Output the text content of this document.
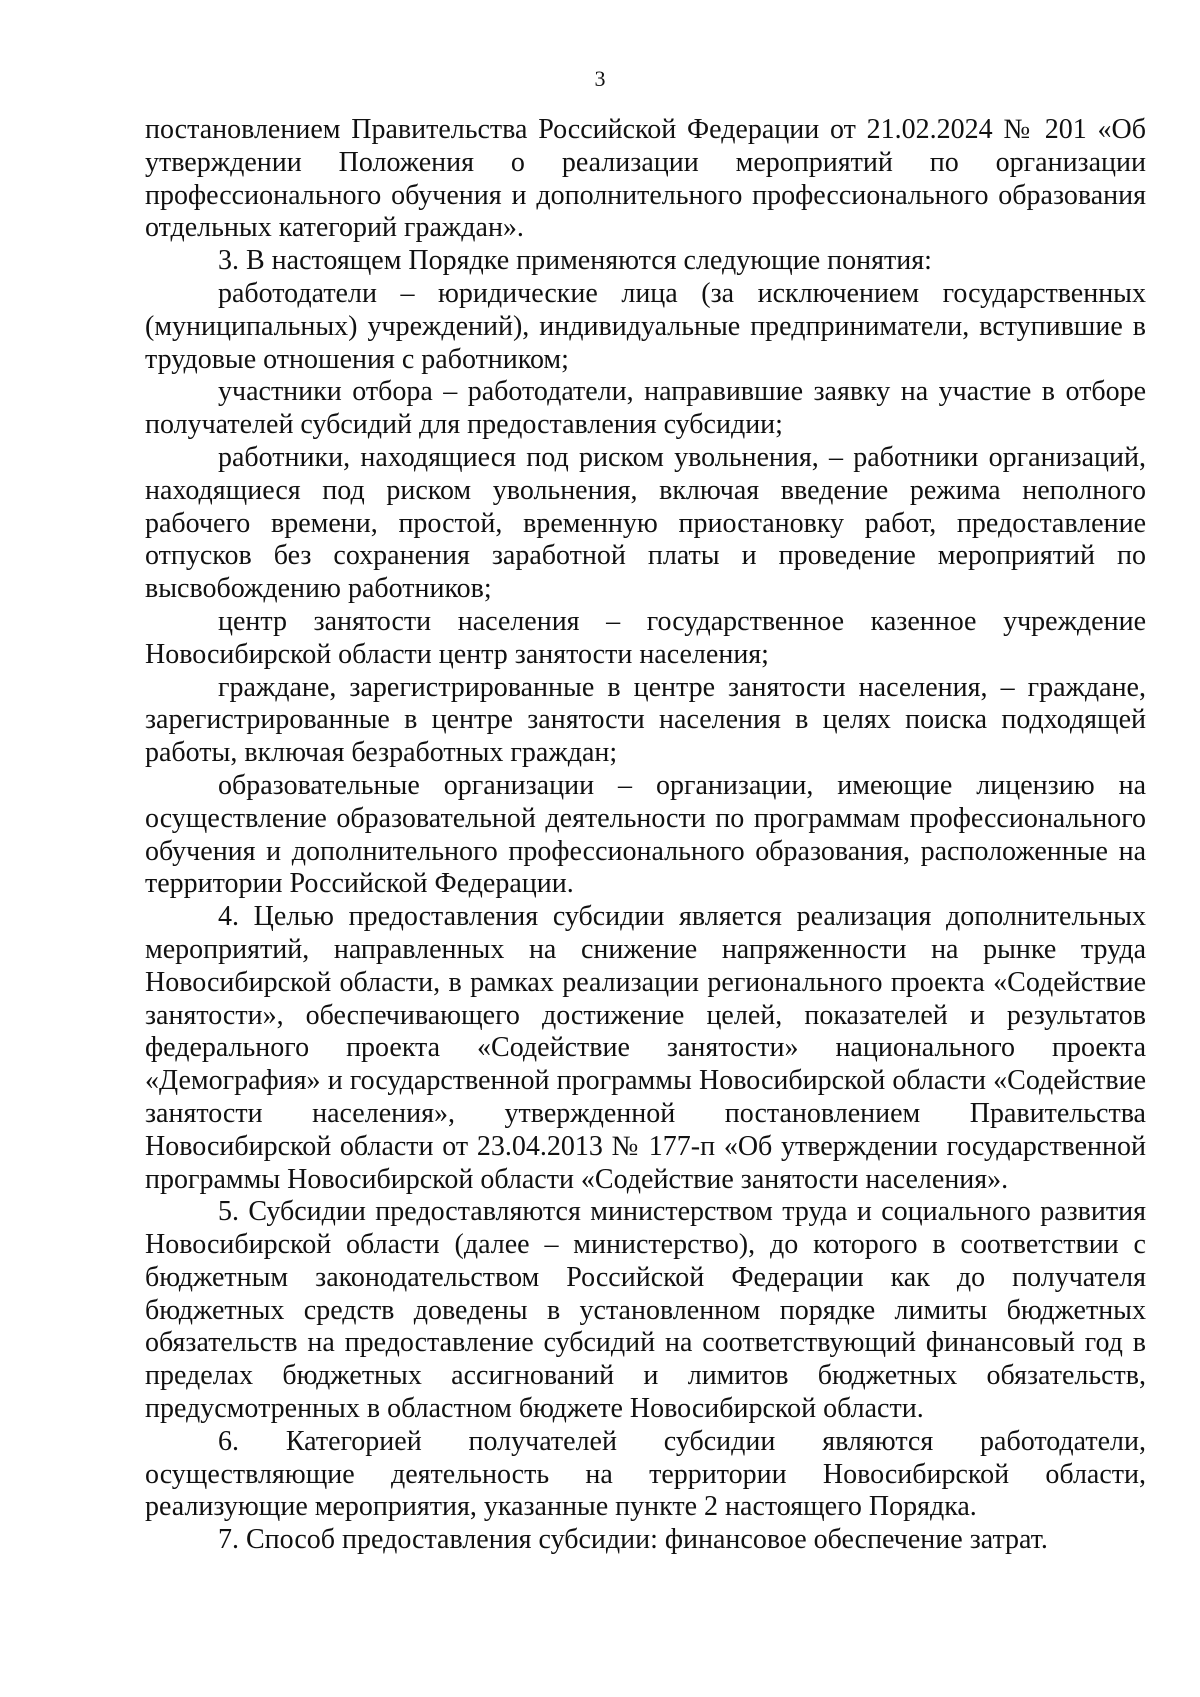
3

постановлением Правительства Российской Федерации от 21.02.2024 № 201 «Об утверждении Положения о реализации мероприятий по организации профессионального обучения и дополнительного профессионального образования отдельных категорий граждан».

3. В настоящем Порядке применяются следующие понятия:

работодатели – юридические лица (за исключением государственных (муниципальных) учреждений), индивидуальные предприниматели, вступившие в трудовые отношения с работником;

участники отбора – работодатели, направившие заявку на участие в отборе получателей субсидий для предоставления субсидии;

работники, находящиеся под риском увольнения, – работники организаций, находящиеся под риском увольнения, включая введение режима неполного рабочего времени, простой, временную приостановку работ, предоставление отпусков без сохранения заработной платы и проведение мероприятий по высвобождению работников;

центр занятости населения – государственное казенное учреждение Новосибирской области центр занятости населения;

граждане, зарегистрированные в центре занятости населения, – граждане, зарегистрированные в центре занятости населения в целях поиска подходящей работы, включая безработных граждан;

образовательные организации – организации, имеющие лицензию на осуществление образовательной деятельности по программам профессионального обучения и дополнительного профессионального образования, расположенные на территории Российской Федерации.

4. Целью предоставления субсидии является реализация дополнительных мероприятий, направленных на снижение напряженности на рынке труда Новосибирской области, в рамках реализации регионального проекта «Содействие занятости», обеспечивающего достижение целей, показателей и результатов федерального проекта «Содействие занятости» национального проекта «Демография» и государственной программы Новосибирской области «Содействие занятости населения», утвержденной постановлением Правительства Новосибирской области от 23.04.2013 № 177-п «Об утверждении государственной программы Новосибирской области «Содействие занятости населения».

5. Субсидии предоставляются министерством труда и социального развития Новосибирской области (далее – министерство), до которого в соответствии с бюджетным законодательством Российской Федерации как до получателя бюджетных средств доведены в установленном порядке лимиты бюджетных обязательств на предоставление субсидий на соответствующий финансовый год в пределах бюджетных ассигнований и лимитов бюджетных обязательств, предусмотренных в областном бюджете Новосибирской области.

6. Категорией получателей субсидии являются работодатели, осуществляющие деятельность на территории Новосибирской области, реализующие мероприятия, указанные пункте 2 настоящего Порядка.

7. Способ предоставления субсидии: финансовое обеспечение затрат.
